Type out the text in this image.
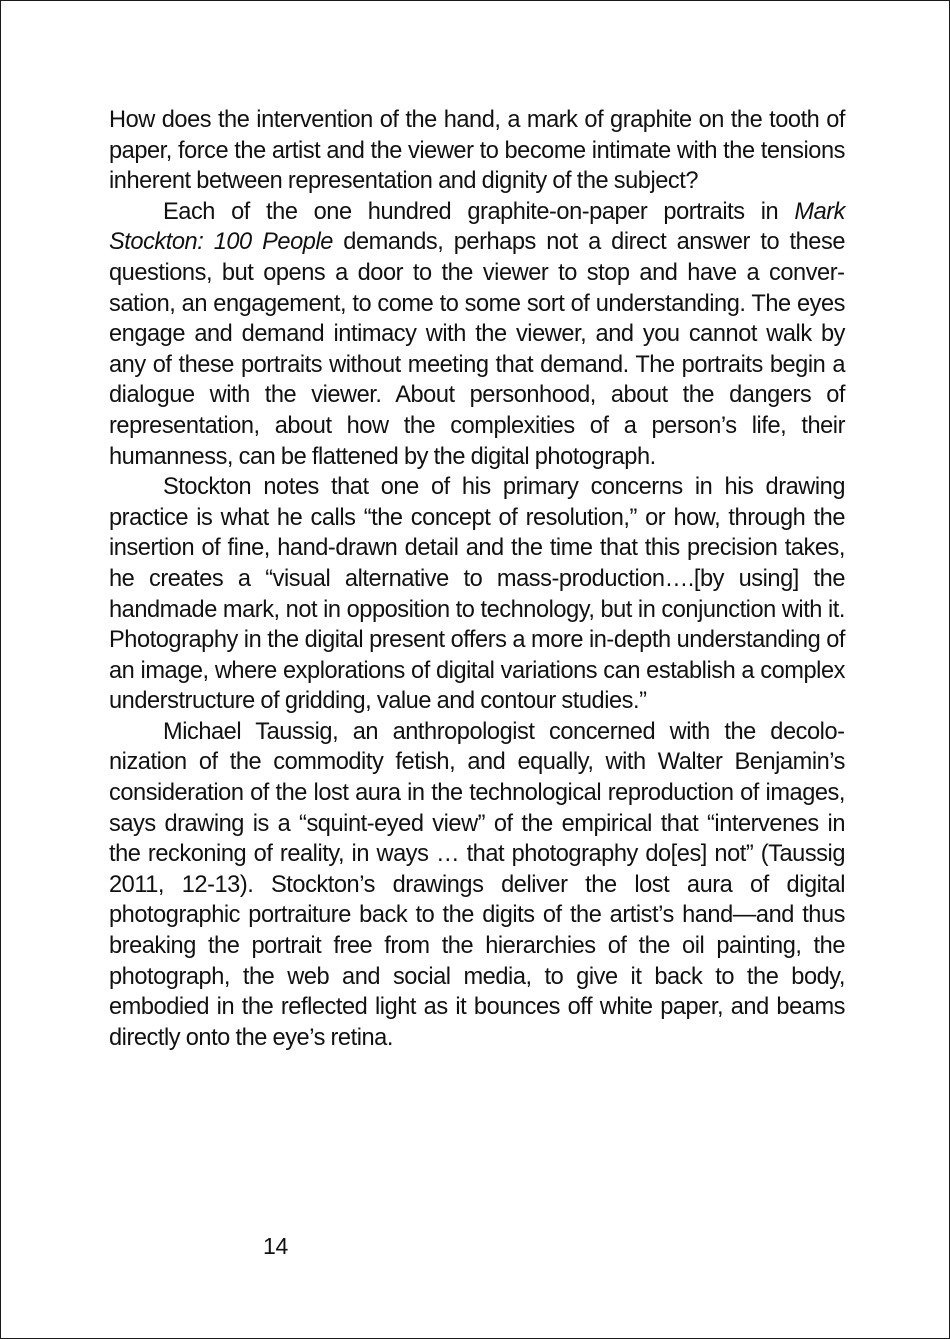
How does the intervention of the hand, a mark of graphite on the tooth of paper, force the artist and the viewer to become intimate with the tensions inherent between representation and dignity of the subject?

Each of the one hundred graphite-on-paper portraits in Mark Stockton: 100 People demands, perhaps not a direct answer to these questions, but opens a door to the viewer to stop and have a conversation, an engagement, to come to some sort of understanding. The eyes engage and demand intimacy with the viewer, and you cannot walk by any of these portraits without meeting that demand. The portraits begin a dialogue with the viewer. About personhood, about the dangers of representation, about how the complexities of a person’s life, their humanness, can be flattened by the digital photograph.

Stockton notes that one of his primary concerns in his drawing practice is what he calls “the concept of resolution,” or how, through the insertion of fine, hand-drawn detail and the time that this precision takes, he creates a “visual alternative to mass-production….[by using] the handmade mark, not in opposition to technology, but in conjunction with it. Photography in the digital present offers a more in-depth understanding of an image, where explorations of digital variations can establish a complex understructure of gridding, value and contour studies.”

Michael Taussig, an anthropologist concerned with the decolonization of the commodity fetish, and equally, with Walter Benjamin’s consideration of the lost aura in the technological reproduction of images, says drawing is a “squint-eyed view” of the empirical that “intervenes in the reckoning of reality, in ways … that photography do[es] not” (Taussig 2011, 12-13). Stockton’s drawings deliver the lost aura of digital photographic portraiture back to the digits of the artist’s hand—and thus breaking the portrait free from the hierarchies of the oil painting, the photograph, the web and social media, to give it back to the body, embodied in the reflected light as it bounces off white paper, and beams directly onto the eye’s retina.

14
